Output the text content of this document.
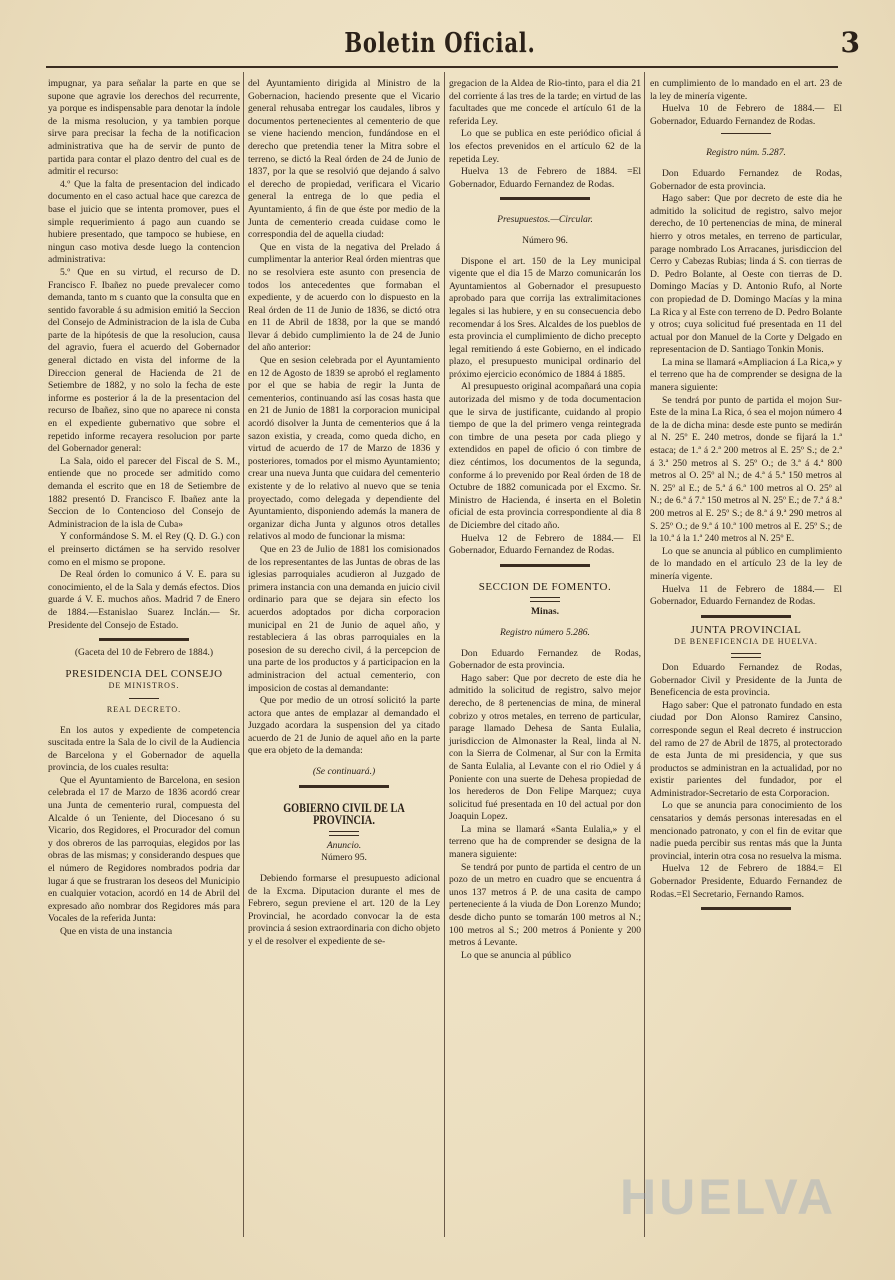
Boletin Oficial.	3

impugnar, ya para señalar la parte en que se supone que agravie los derechos del recurrente, ya porque es indispensable para denotar la índole de la misma resolucion, y ya tambien porque sirve para precisar la fecha de la notificacion administrativa que ha de servir de punto de partida para contar el plazo dentro del cual es de admitir el recurso:

4.º Que la falta de presentacion del indicado documento en el caso actual hace que carezca de base el juicio que se intenta promover, pues el simple requerimiento á pago aun cuando se hubiere presentado, que tampoco se hubiese, en ningun caso motiva desde luego la contencion administrativa:

5.º Que en su virtud, el recurso de D. Francisco F. Ibañez no puede prevalecer como demanda, tanto m s cuanto que la consulta que en sentido favorable á su admision emitió la Seccion del Consejo de Administracion de la isla de Cuba parte de la hipótesis de que la resolucion, causa del agravio, fuera el acuerdo del Gobernador general dictado en vista del informe de la Direccion general de Hacienda de 21 de Setiembre de 1882, y no solo la fecha de este informe es posterior á la de la presentacion del recurso de Ibañez, sino que no aparece ni consta en el expediente gubernativo que sobre el repetido informe recayera resolucion por parte del Gobernador general:

La Sala, oido el parecer del Fiscal de S. M., entiende que no procede ser admitido como demanda el escrito que en 18 de Setiembre de 1882 presentó D. Francisco F. Ibañez ante la Seccion de lo Contencioso del Consejo de Administracion de la isla de Cuba»

Y conformándose S. M. el Rey (Q. D. G.) con el preinserto dictámen se ha servido resolver como en el mismo se propone.

De Real órden lo comunico á V. E. para su conocimiento, el de la Sala y demás efectos. Dios guarde á V. E. muchos años. Madrid 7 de Enero de 1884.—Estanislao Suarez Inclán.— Sr. Presidente del Consejo de Estado.

(Gaceta del 10 de Febrero de 1884.)

PRESIDENCIA DEL CONSEJO

DE MINISTROS.

REAL DECRETO.

En los autos y expediente de competencia suscitada entre la Sala de lo civil de la Audiencia de Barcelona y el Gobernador de aquella provincia, de los cuales resulta:

Que el Ayuntamiento de Barcelona, en sesion celebrada el 17 de Marzo de 1836 acordó crear una Junta de cementerio rural, compuesta del Alcalde ó un Teniente, del Diocesano ó su Vicario, dos Regidores, el Procurador del comun y dos obreros de las parroquias, elegidos por las obras de las mismas; y considerando despues que el número de Regidores nombrados podria dar lugar á que se frustraran los deseos del Municipio en cualquier votacion, acordó en 14 de Abril del expresado año nombrar dos Regidores más para Vocales de la referida Junta:

Que en vista de una instancia

del Ayuntamiento dirigida al Ministro de la Gobernacion, haciendo presente que el Vicario general rehusaba entregar los caudales, libros y documentos pertenecientes al cementerio de que se viene haciendo mencion, fundándose en el derecho que pretendia tener la Mitra sobre el terreno, se dictó la Real órden de 24 de Junio de 1837, por la que se resolvió que dejando á salvo el derecho de propiedad, verificara el Vicario general la entrega de lo que pedia el Ayuntamiento, á fin de que éste por medio de la Junta de cementerio creada cuidase como le correspondia del de aquella ciudad:

Que en vista de la negativa del Prelado á cumplimentar la anterior Real órden mientras que no se resolviera este asunto con presencia de todos los antecedentes que formaban el expediente, y de acuerdo con lo dispuesto en la Real órden de 11 de Junio de 1836, se dictó otra en 11 de Abril de 1838, por la que se mandó llevar á debido cumplimiento la de 24 de Junio del año anterior:

Que en sesion celebrada por el Ayuntamiento en 12 de Agosto de 1839 se aprobó el reglamento por el que se habia de regir la Junta de cementerios, continuando así las cosas hasta que en 21 de Junio de 1881 la corporacion municipal acordó disolver la Junta de cementerios que á la sazon existia, y creada, como queda dicho, en virtud de acuerdo de 17 de Marzo de 1836 y posteriores, tomados por el mismo Ayuntamiento; crear una nueva Junta que cuidara del cementerio existente y de lo relativo al nuevo que se tenia proyectado, como delegada y dependiente del Ayuntamiento, disponiendo además la manera de organizar dicha Junta y algunos otros detalles relativos al modo de funcionar la misma:

Que en 23 de Julio de 1881 los comisionados de los representantes de las Juntas de obras de las iglesias parroquiales acudieron al Juzgado de primera instancia con una demanda en juicio civil ordinario para que se dejara sin efecto los acuerdos adoptados por dicha corporacion municipal en 21 de Junio de aquel año, y restableciera á las obras parroquiales en la posesion de su derecho civil, á la percepcion de una parte de los productos y á participacion en la administracion del actual cementerio, con imposicion de costas al demandante:

Que por medio de un otrosí solicitó la parte actora que antes de emplazar al demandado el Juzgado acordara la suspension del ya citado acuerdo de 21 de Junio de aquel año en la parte que era objeto de la demanda:

(Se continuará.)

GOBIERNO CIVIL DE LA PROVINCIA.

Anuncio.

Número 95.

Debiendo formarse el presupuesto adicional de la Excma. Diputacion durante el mes de Febrero, segun previene el art. 120 de la Ley Provincial, he acordado convocar la de esta provincia á sesion extraordinaria con dicho objeto y el de resolver el expediente de se-

gregacion de la Aldea de Rio-tinto, para el dia 21 del corriente á las tres de la tarde; en virtud de las facultades que me concede el artículo 61 de la referida Ley.

Lo que se publica en este periódico oficial á los efectos prevenidos en el artículo 62 de la repetida Ley.

Huelva 13 de Febrero de 1884. =El Gobernador, Eduardo Fernandez de Rodas.

Presupuestos.—Circular.

Número 96.

Dispone el art. 150 de la Ley municipal vigente que el dia 15 de Marzo comunicarán los Ayuntamientos al Gobernador el presupuesto aprobado para que corrija las extralimitaciones legales si las hubiere, y en su consecuencia debo recomendar á los Sres. Alcaldes de los pueblos de esta provincia el cumplimiento de dicho precepto legal remitiendo á este Gobierno, en el indicado plazo, el presupuesto municipal ordinario del próximo ejercicio económico de 1884 á 1885.

Al presupuesto original acompañará una copia autorizada del mismo y de toda documentacion que le sirva de justificante, cuidando al propio tiempo de que la del primero venga reintegrada con timbre de una peseta por cada pliego y extendidos en papel de oficio ó con timbre de diez céntimos, los documentos de la segunda, conforme á lo prevenido por Real órden de 18 de Octubre de 1882 comunicada por el Excmo. Sr. Ministro de Hacienda, é inserta en el Boletin oficial de esta provincia correspondiente al dia 8 de Diciembre del citado año.

Huelva 12 de Febrero de 1884.— El Gobernador, Eduardo Fernandez de Rodas.

SECCION DE FOMENTO.

Minas.

Registro número 5.286.

Don Eduardo Fernandez de Rodas, Gobernador de esta provincia.

Hago saber: Que por decreto de este dia he admitido la solicitud de registro, salvo mejor derecho, de 8 pertenencias de mina, de mineral cobrizo y otros metales, en terreno de particular, parage llamado Dehesa de Santa Eulalia, jurisdiccion de Almonaster la Real, linda al N. con la Sierra de Colmenar, al Sur con la Ermita de Santa Eulalia, al Levante con el rio Odiel y á Poniente con una suerte de Dehesa propiedad de los herederos de Don Felipe Marquez; cuya solicitud fué presentada en 10 del actual por don Joaquin Lopez.

La mina se llamará «Santa Eulalia,» y el terreno que ha de comprender se designa de la manera siguiente:

Se tendrá por punto de partida el centro de un pozo de un metro en cuadro que se encuentra á unos 137 metros á P. de una casita de campo perteneciente á la viuda de Don Lorenzo Mundo; desde dicho punto se tomarán 100 metros al N.; 100 metros al S.; 200 metros á Poniente y 200 metros á Levante.

Lo que se anuncia al público

en cumplimiento de lo mandado en el art. 23 de la ley de minería vigente.

Huelva 10 de Febrero de 1884.— El Gobernador, Eduardo Fernandez de Rodas.

Registro núm. 5.287.

Don Eduardo Fernandez de Rodas, Gobernador de esta provincia.

Hago saber: Que por decreto de este dia he admitido la solicitud de registro, salvo mejor derecho, de 10 pertenencias de mina, de mineral hierro y otros metales, en terreno de particular, parage nombrado Los Arracanes, jurisdiccion del Cerro y Cabezas Rubias; linda á S. con tierras de D. Pedro Bolante, al Oeste con tierras de D. Domingo Macías y D. Antonio Rufo, al Norte con propiedad de D. Domingo Macías y la mina La Rica y al Este con terreno de D. Pedro Bolante y otros; cuya solicitud fué presentada en 11 del actual por don Manuel de la Corte y Delgado en representacion de D. Santiago Tonkin Monis.

La mina se llamará «Ampliacion á La Rica,» y el terreno que ha de comprender se designa de la manera siguiente:

Se tendrá por punto de partida el mojon Sur-Este de la mina La Rica, ó sea el mojon número 4 de la de dicha mina: desde este punto se medirán al N. 25º E. 240 metros, donde se fijará la 1.ª estaca; de 1.ª á 2.ª 200 metros al E. 25º S.; de 2.ª á 3.ª 250 metros al S. 25º O.; de 3.ª á 4.ª 800 metros al O. 25º al N.; de 4.ª á 5.ª 150 metros al N. 25º al E.; de 5.ª á 6.ª 100 metros al O. 25º al N.; de 6.ª á 7.ª 150 metros al N. 25º E.; de 7.ª á 8.ª 200 metros al E. 25º S.; de 8.ª á 9.ª 290 metros al S. 25º O.; de 9.ª á 10.ª 100 metros al E. 25º S.; de la 10.ª á la 1.ª 240 metros al N. 25º E.

Lo que se anuncia al público en cumplimiento de lo mandado en el artículo 23 de la ley de minería vigente.

Huelva 11 de Febrero de 1884.— El Gobernador, Eduardo Fernandez de Rodas.

JUNTA PROVINCIAL

DE BENEFICENCIA DE HUELVA.

Don Eduardo Fernandez de Rodas, Gobernador Civil y Presidente de la Junta de Beneficencia de esta provincia.

Hago saber: Que el patronato fundado en esta ciudad por Don Alonso Ramirez Cansino, corresponde segun el Real decreto é instruccion del ramo de 27 de Abril de 1875, al protectorado de esta Junta de mi presidencia, y que sus productos se administran en la actualidad, por no existir parientes del fundador, por el Administrador-Secretario de esta Corporacion.

Lo que se anuncia para conocimiento de los censatarios y demás personas interesadas en el mencionado patronato, y con el fin de evitar que nadie pueda percibir sus rentas más que la Junta provincial, interin otra cosa no resuelva la misma.

Huelva 12 de Febrero de 1884.= El Gobernador Presidente, Eduardo Fernandez de Rodas.=El Secretario, Fernando Ramos.

HUELVA
